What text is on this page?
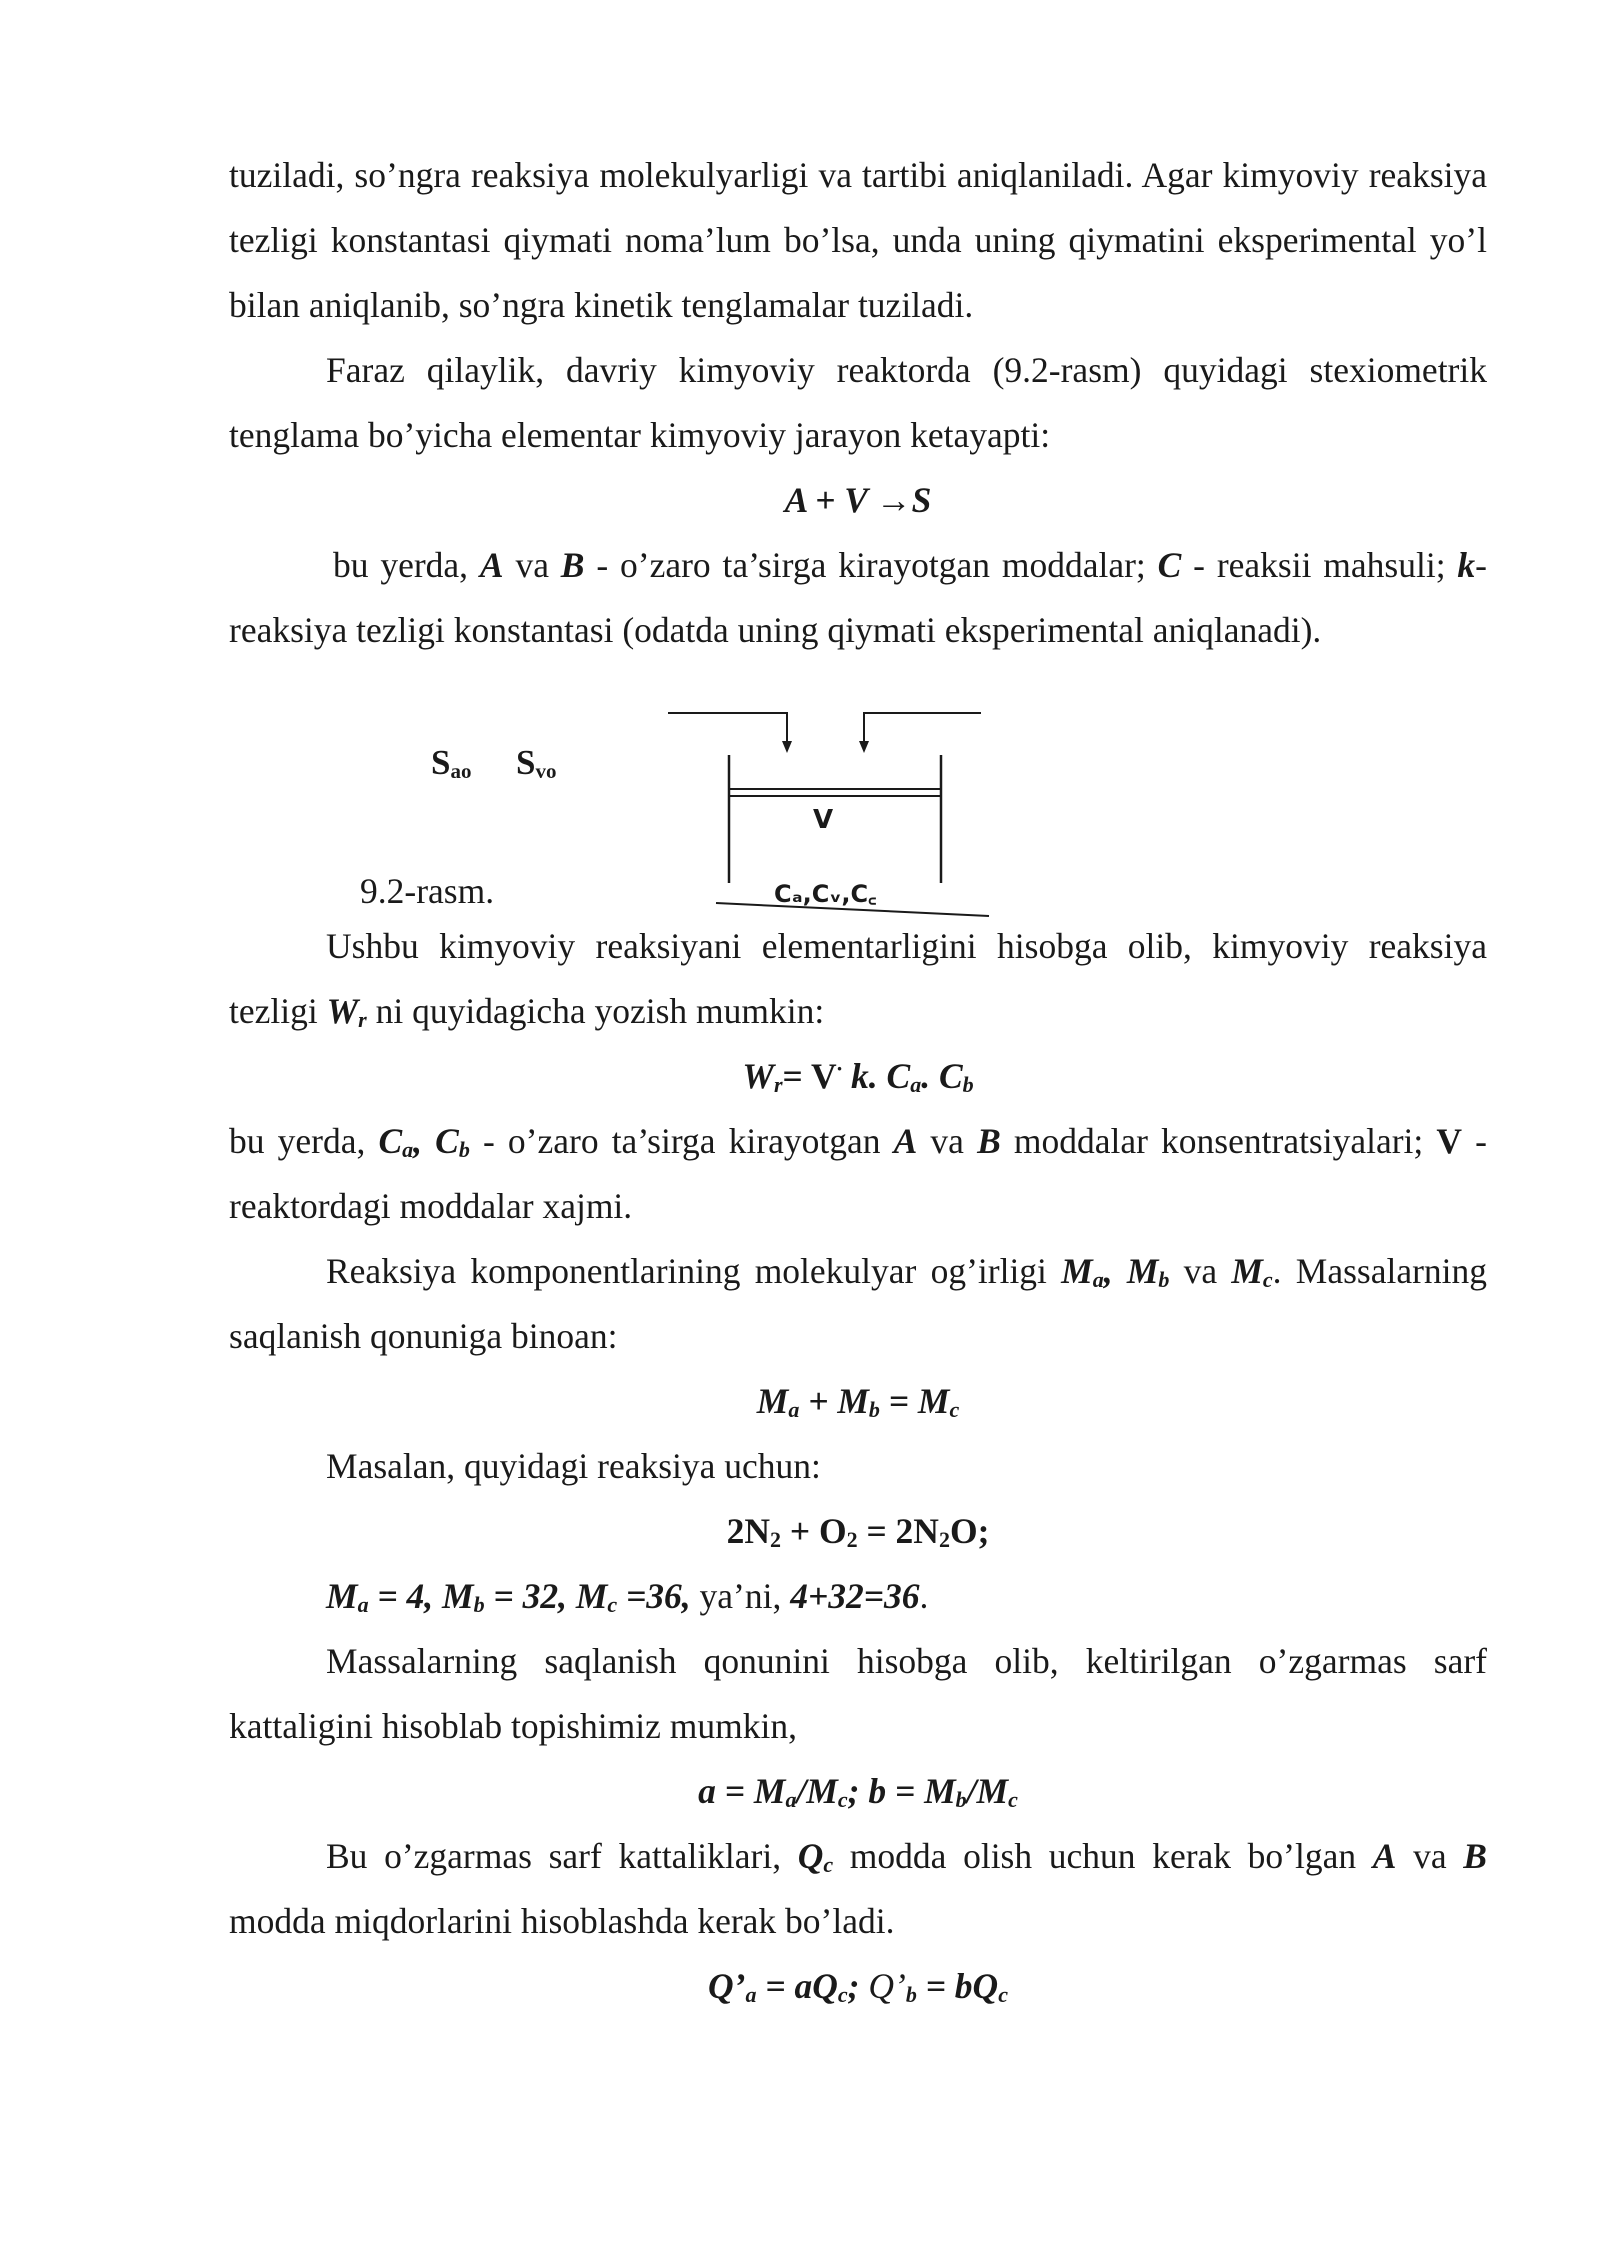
tuziladi, so’ngra reaksiya molekulyarligi va tartibi aniqlaniladi. Agar kimyoviy reaksiya tezligi konstantasi qiymati noma’lum bo’lsa, unda uning qiymatini eksperimental yo’l bilan aniqlanib, so’ngra kinetik tenglamalar tuziladi.

Faraz qilaylik, davriy kimyoviy reaktorda (9.2-rasm) quyidagi stexiometrik tenglama bo’yicha elementar kimyoviy jarayon ketayapti:

A + V →S

bu yerda, A va B - o’zaro ta’sirga kirayotgan moddalar; C - reaksii mahsuli; k-reaksiya tezligi konstantasi (odatda uning qiymati eksperimental aniqlanadi).

$S_{ao}$ $S_{vo}$
V
Cₐ,Cᵥ,C꜀
9.2-rasm.

Ushbu kimyoviy reaksiyani elementarligini hisobga olib, kimyoviy reaksiya tezligi $W_r$ ni quyidagicha yozish mumkin:

$W_r= V^\cdot$ k. $C_a$. $C_b$

bu yerda, $C_a$, $C_b$ - o’zaro ta’sirga kirayotgan A va B moddalar konsentratsiyalari; V - reaktordagi moddalar xajmi.

Reaksiya komponentlarining molekulyar og’irligi $M_a$, $M_b$ va $M_c$. Massalarning saqlanish qonuniga binoan:

$M_a + M_b = M_c$

Masalan, quyidagi reaksiya uchun:

$2N_2 + O_2 = 2N_2O$;

$M_a = 4$, $M_b = 32$, $M_c =36$, ya’ni, 4+32=36.

Massalarning saqlanish qonunini hisobga olib, keltirilgan o’zgarmas sarf kattaligini hisoblab topishimiz mumkin,

$a = M_a/M_c$; $b = M_b/M_c$

Bu o’zgarmas sarf kattaliklari, $Q_c$ modda olish uchun kerak bo’lgan A va B modda miqdorlarini hisoblashda kerak bo’ladi.

$Q’_a = aQ_c$; $Q’_b = bQ_c$
